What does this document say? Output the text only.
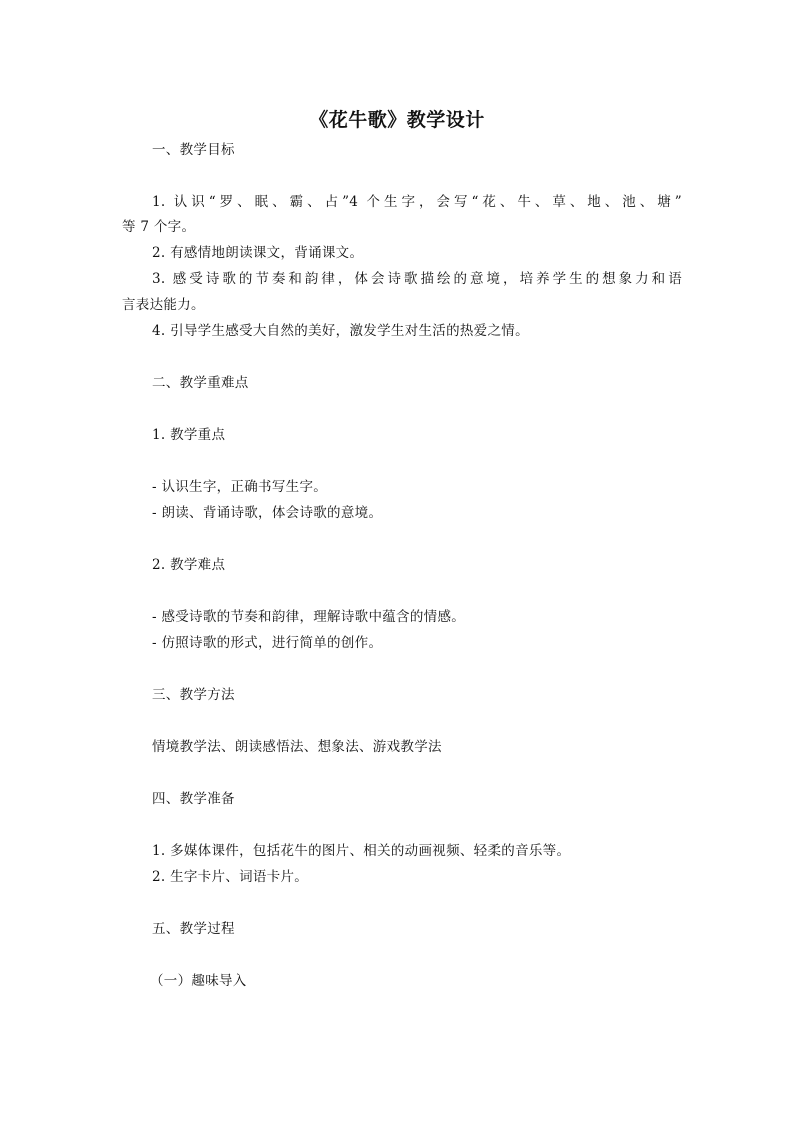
《花牛歌》教学设计
一、教学目标
1. 认识“罗、眠、霸、占”4 个生字，会写“花、牛、草、地、池、塘”
等 7 个字。
2. 有感情地朗读课文，背诵课文。
3. 感受诗歌的节奏和韵律，体会诗歌描绘的意境，培养学生的想象力和语
言表达能力。
4. 引导学生感受大自然的美好，激发学生对生活的热爱之情。
二、教学重难点
1. 教学重点
- 认识生字，正确书写生字。
- 朗读、背诵诗歌，体会诗歌的意境。
2. 教学难点
- 感受诗歌的节奏和韵律，理解诗歌中蕴含的情感。
- 仿照诗歌的形式，进行简单的创作。
三、教学方法
情境教学法、朗读感悟法、想象法、游戏教学法
四、教学准备
1. 多媒体课件，包括花牛的图片、相关的动画视频、轻柔的音乐等。
2. 生字卡片、词语卡片。
五、教学过程
（一）趣味导入
